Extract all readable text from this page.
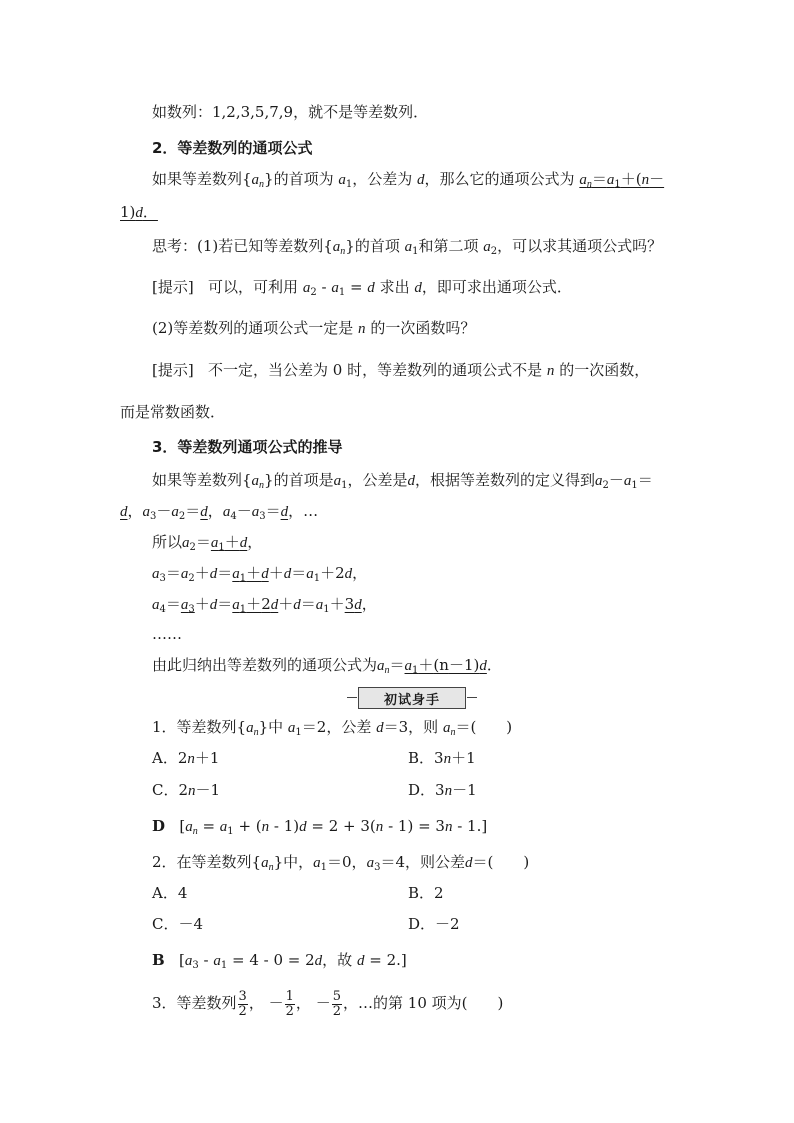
如数列：1,2,3,5,7,9，就不是等差数列．
2．等差数列的通项公式
如果等差数列$\{a_n\}$的首项为 $a_1$，公差为 d，那么它的通项公式为 $a_n=a_1+(n-$
1)d．
思考：(1)若已知等差数列$\{a_n\}$的首项 $a_1$和第二项 $a_2$，可以求其通项公式吗？
[提示] 可以，可利用 $a_2 - a_1 = d$ 求出 d，即可求出通项公式．
(2)等差数列的通项公式一定是 n 的一次函数吗？
[提示] 不一定，当公差为 0 时，等差数列的通项公式不是 n 的一次函数，
而是常数函数．
3．等差数列通项公式的推导
如果等差数列$\{a_n\}$的首项是$a_1$，公差是d，根据等差数列的定义得到$a_2-a_1=$
d，$a_3-a_2=d$，$a_4-a_3=d$，…
所以$a_2=a_1+d$，
$a_3=a_2+d=a_1+d+d=a_1+2d$，
$a_4=a_3+d=a_1+2d+d=a_1+3d$，
……
由此归纳出等差数列的通项公式为$a_n=a_1+(n-1)d$．
初试身手
1．等差数列$\{a_n\}$中 $a_1=2$，公差 d＝3，则 $a_n=$(　　)
A．2n＋1	B．3n＋1
C．2n－1	D．3n－1
D $[a_n = a_1 + (n - 1)d = 2 + 3(n - 1) = 3n - 1.]$
2．在等差数列$\{a_n\}$中，$a_1=0$，$a_3=4$，则公差d＝(　　)
A．4	B．2
C．－4	D．－2
B [$a_3 - a_1 = 4 - 0 = 2d$，故 d = 2.]
3．等差数列 $\frac{3}{2}$ ， － $\frac{1}{2}$ ， － $\frac{5}{2}$ ，…的第 10 项为(　　)
